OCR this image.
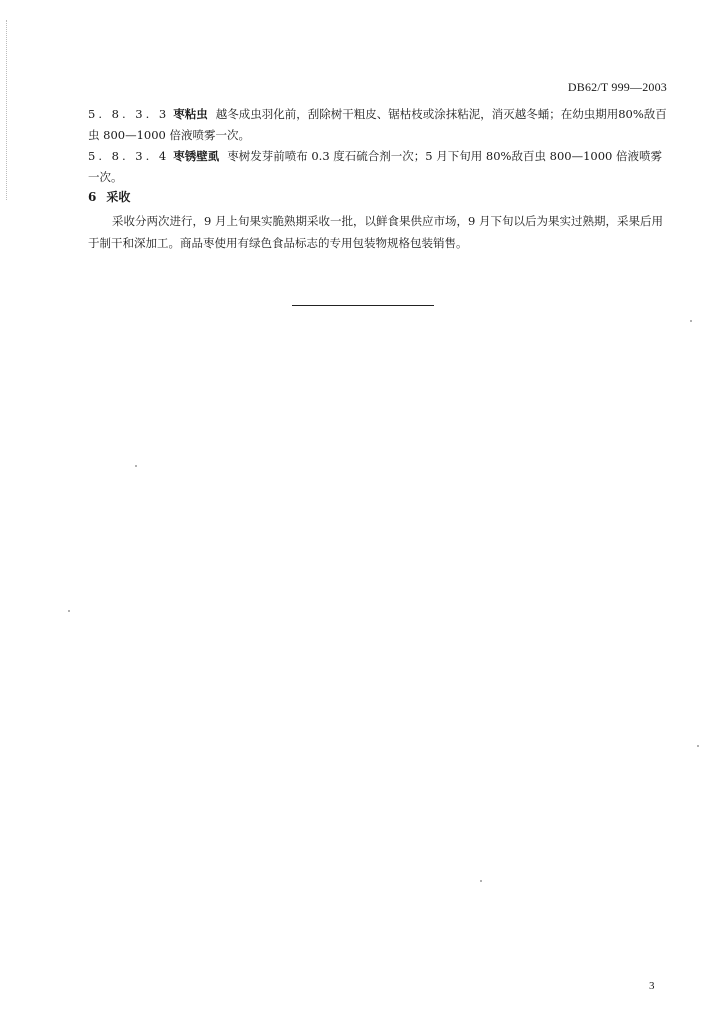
DB62/T 999—2003
5. 8. 3. 3 枣粘虫 越冬成虫羽化前，刮除树干粗皮、锯枯枝或涂抹粘泥，消灭越冬蛹；在幼虫期用80%敌百虫 800—1000 倍液喷雾一次。
5. 8. 3. 4 枣锈壁虱 枣树发芽前喷布 0.3 度石硫合剂一次；5 月下旬用 80%敌百虫 800—1000 倍液喷雾一次。
6 采收
采收分两次进行，9 月上旬果实脆熟期采收一批，以鲜食果供应市场，9 月下旬以后为果实过熟期，采果后用于制干和深加工。商品枣使用有绿色食品标志的专用包装物规格包装销售。
3
